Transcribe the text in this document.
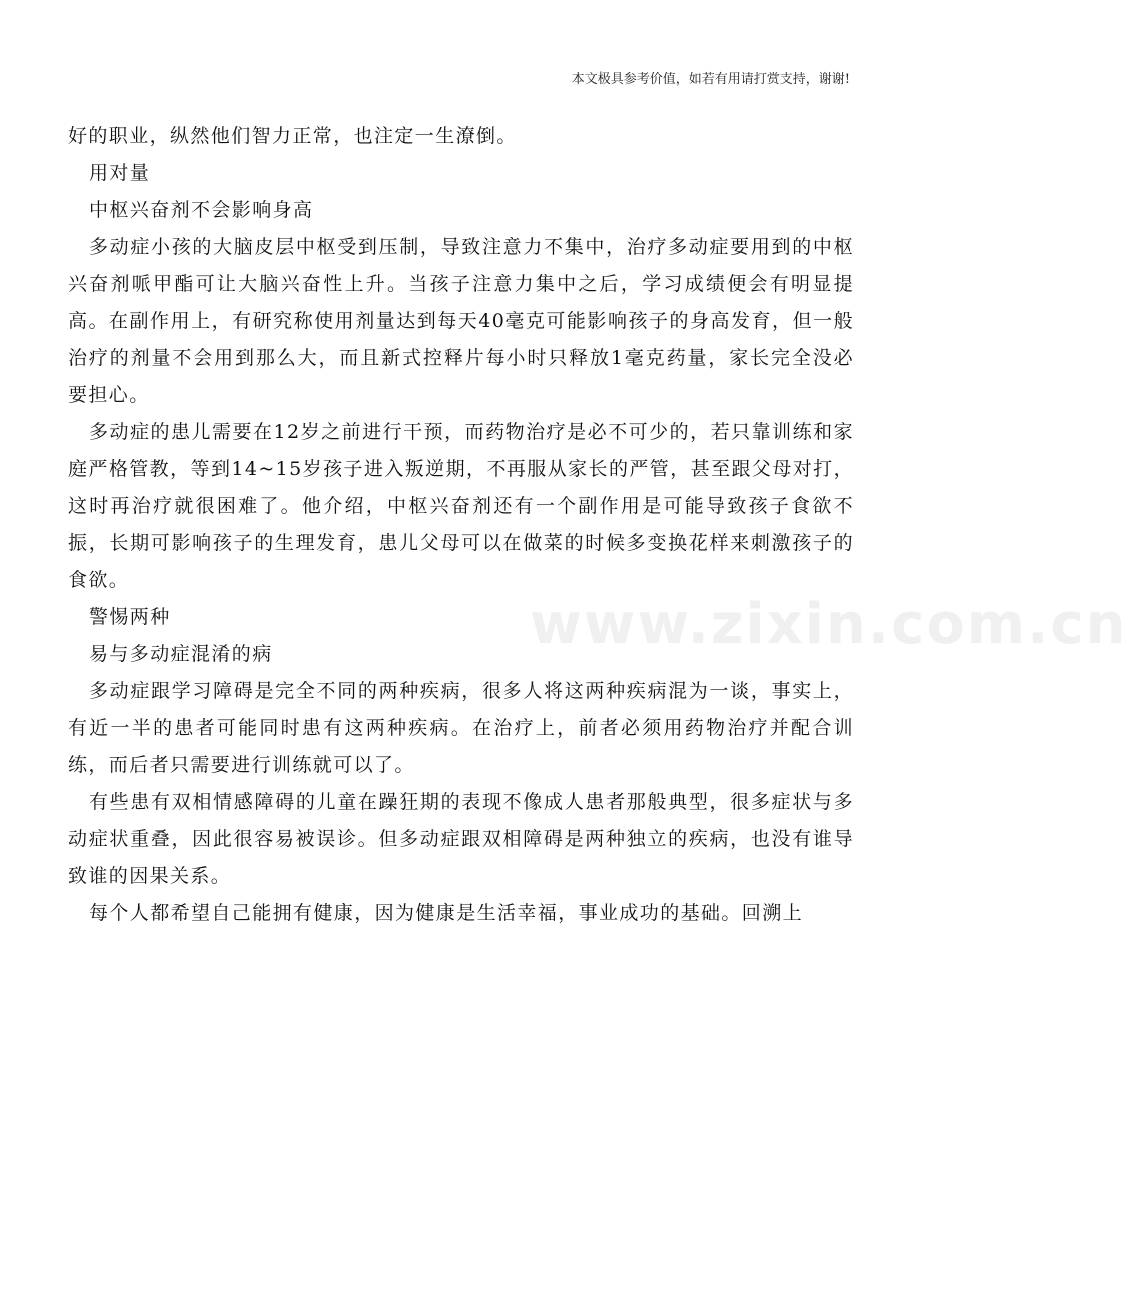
本文极具参考价值，如若有用请打赏支持，谢谢!
www.zixin.com.cn

好的职业，纵然他们智力正常，也注定一生潦倒。

用对量

中枢兴奋剂不会影响身高

多动症小孩的大脑皮层中枢受到压制，导致注意力不集中，治疗多动症要用到的中枢兴奋剂哌甲酯可让大脑兴奋性上升。当孩子注意力集中之后，学习成绩便会有明显提高。在副作用上，有研究称使用剂量达到每天40毫克可能影响孩子的身高发育，但一般治疗的剂量不会用到那么大，而且新式控释片每小时只释放1毫克药量，家长完全没必要担心。

多动症的患儿需要在12岁之前进行干预，而药物治疗是必不可少的，若只靠训练和家庭严格管教，等到14~15岁孩子进入叛逆期，不再服从家长的严管，甚至跟父母对打，这时再治疗就很困难了。他介绍，中枢兴奋剂还有一个副作用是可能导致孩子食欲不振，长期可影响孩子的生理发育，患儿父母可以在做菜的时候多变换花样来刺激孩子的食欲。

警惕两种

易与多动症混淆的病

多动症跟学习障碍是完全不同的两种疾病，很多人将这两种疾病混为一谈，事实上，有近一半的患者可能同时患有这两种疾病。在治疗上，前者必须用药物治疗并配合训练，而后者只需要进行训练就可以了。

有些患有双相情感障碍的儿童在躁狂期的表现不像成人患者那般典型，很多症状与多动症状重叠，因此很容易被误诊。但多动症跟双相障碍是两种独立的疾病，也没有谁导致谁的因果关系。

每个人都希望自己能拥有健康，因为健康是生活幸福，事业成功的基础。回溯上
